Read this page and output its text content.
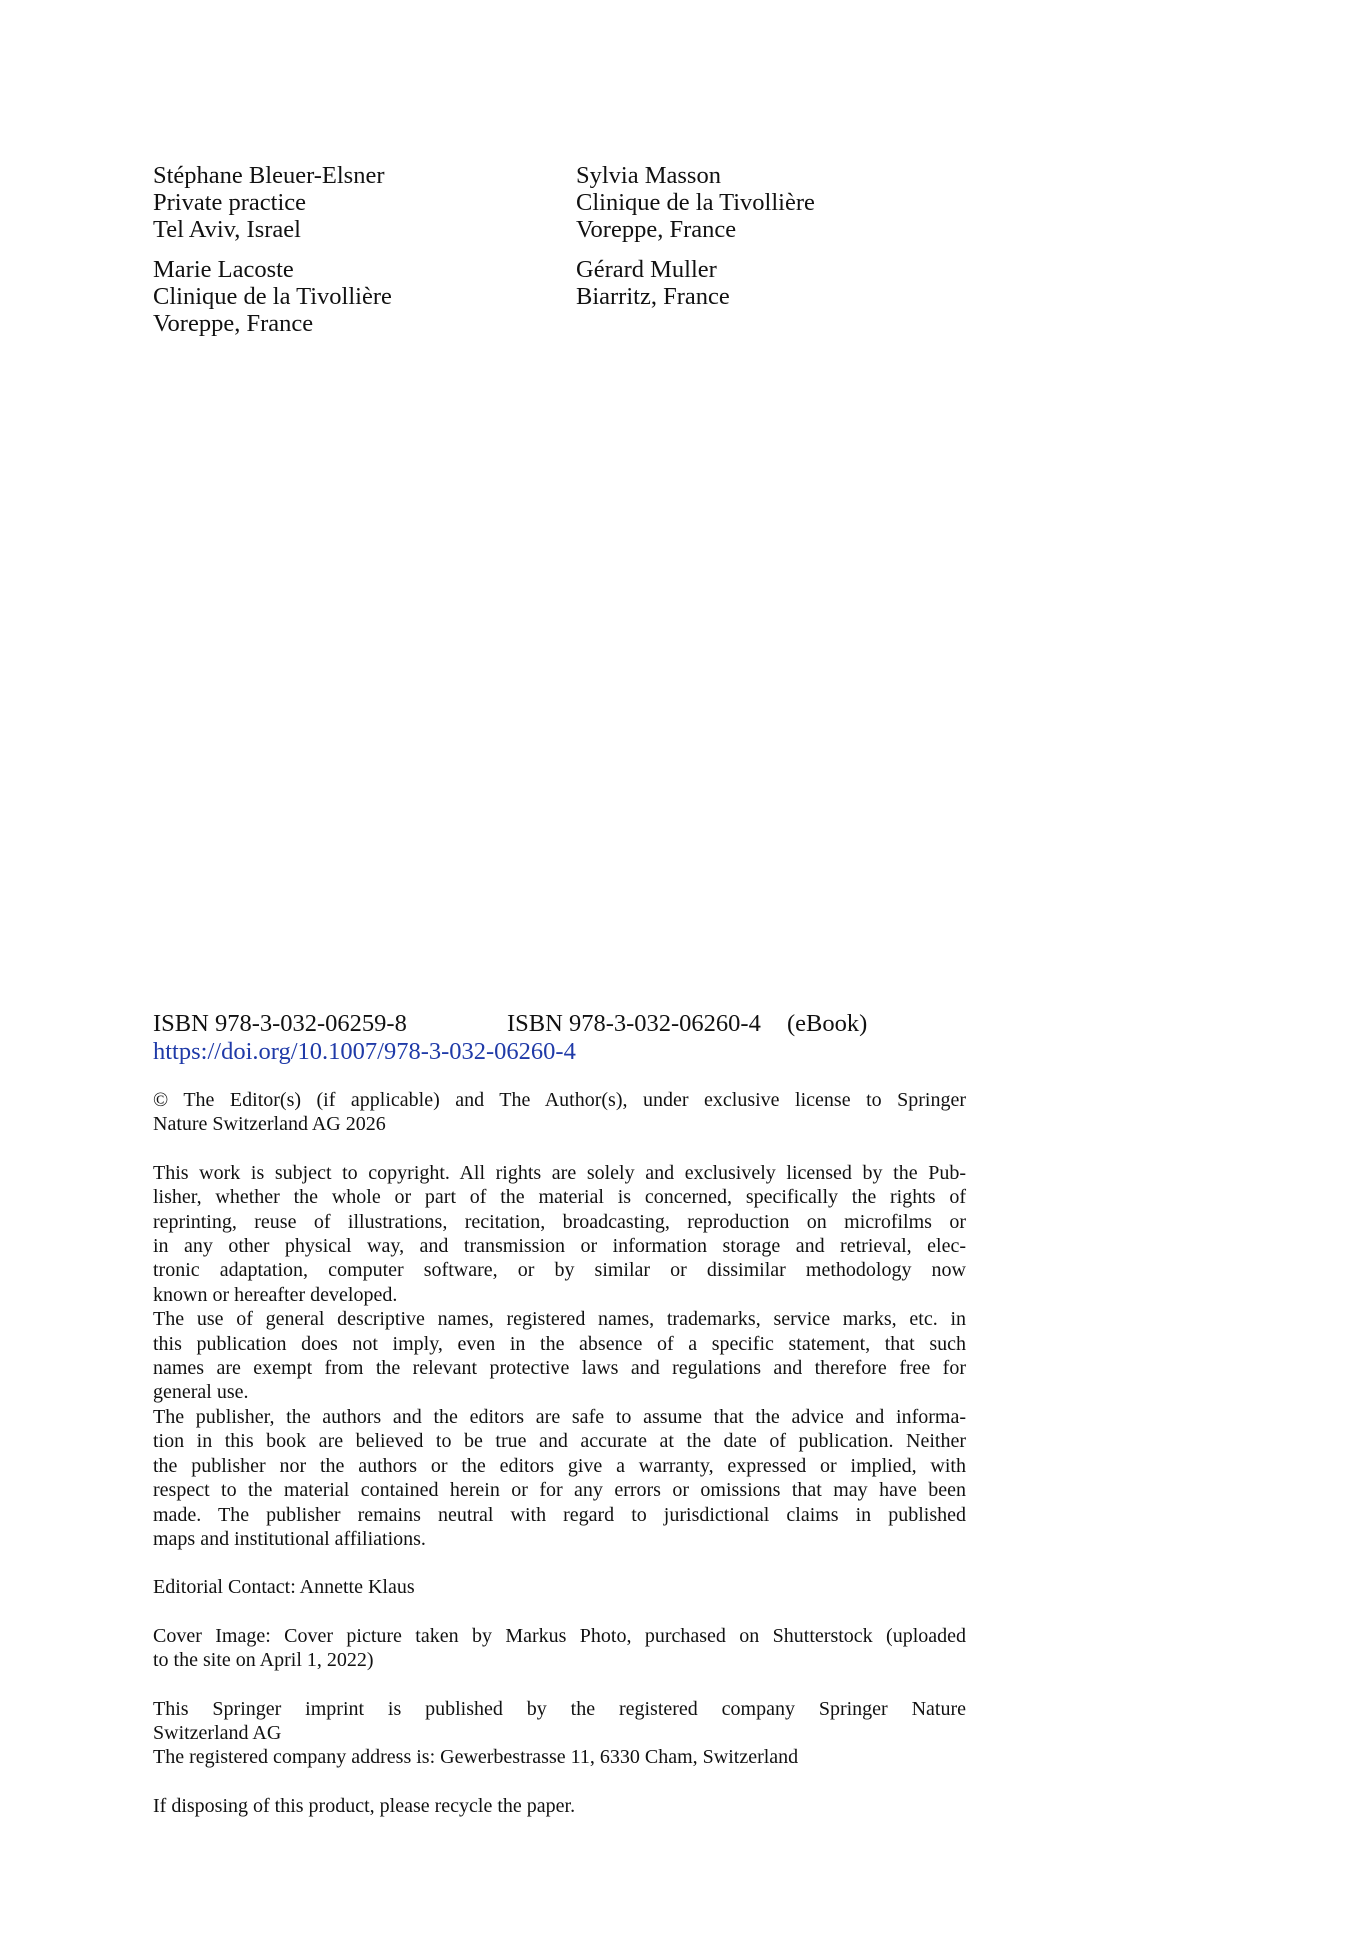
Stéphane Bleuer-Elsner
Private practice
Tel Aviv, Israel
Sylvia Masson
Clinique de la Tivollière
Voreppe, France
Marie Lacoste
Clinique de la Tivollière
Voreppe, France
Gérard Muller
Biarritz, France
ISBN 978-3-032-06259-8	ISBN 978-3-032-06260-4 (eBook)
https://doi.org/10.1007/978-3-032-06260-4

© The Editor(s) (if applicable) and The Author(s), under exclusive license to Springer
Nature Switzerland AG 2026

This work is subject to copyright. All rights are solely and exclusively licensed by the Pub-
lisher, whether the whole or part of the material is concerned, specifically the rights of
reprinting, reuse of illustrations, recitation, broadcasting, reproduction on microfilms or
in any other physical way, and transmission or information storage and retrieval, elec-
tronic adaptation, computer software, or by similar or dissimilar methodology now
known or hereafter developed.
The use of general descriptive names, registered names, trademarks, service marks, etc. in
this publication does not imply, even in the absence of a specific statement, that such
names are exempt from the relevant protective laws and regulations and therefore free for
general use.
The publisher, the authors and the editors are safe to assume that the advice and informa-
tion in this book are believed to be true and accurate at the date of publication. Neither
the publisher nor the authors or the editors give a warranty, expressed or implied, with
respect to the material contained herein or for any errors or omissions that may have been
made. The publisher remains neutral with regard to jurisdictional claims in published
maps and institutional affiliations.

Editorial Contact: Annette Klaus

Cover Image: Cover picture taken by Markus Photo, purchased on Shutterstock (uploaded
to the site on April 1, 2022)

This Springer imprint is published by the registered company Springer Nature
Switzerland AG
The registered company address is: Gewerbestrasse 11, 6330 Cham, Switzerland

If disposing of this product, please recycle the paper.
